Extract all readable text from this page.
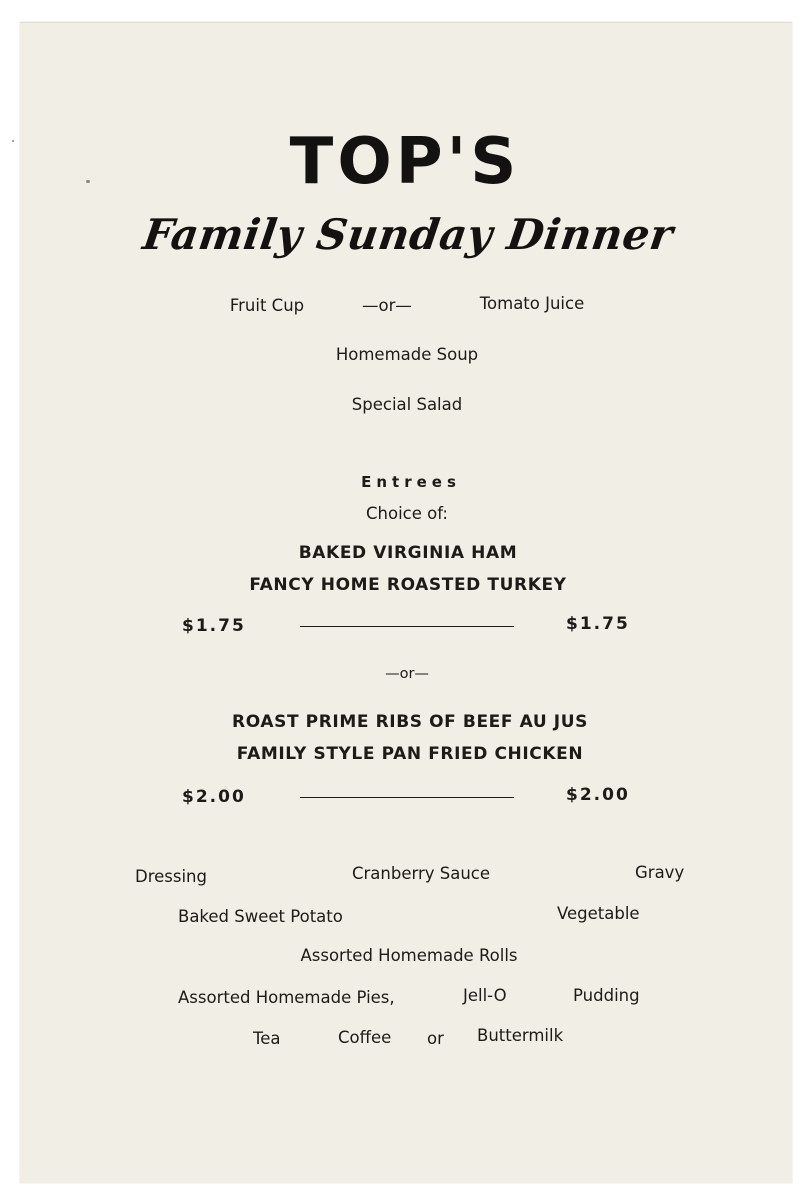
TOP'S
Family Sunday Dinner
Fruit Cup	—or—	Tomato Juice
Homemade Soup
Special Salad
Entrees
Choice of:
BAKED VIRGINIA HAM
FANCY HOME ROASTED TURKEY
$1.75	$1.75
—or—
ROAST PRIME RIBS OF BEEF AU JUS
FAMILY STYLE PAN FRIED CHICKEN
$2.00	$2.00
Dressing	Cranberry Sauce	Gravy
Baked Sweet Potato	Vegetable
Assorted Homemade Rolls
Assorted Homemade Pies,	Jell-O	Pudding
Tea	Coffee or Buttermilk
